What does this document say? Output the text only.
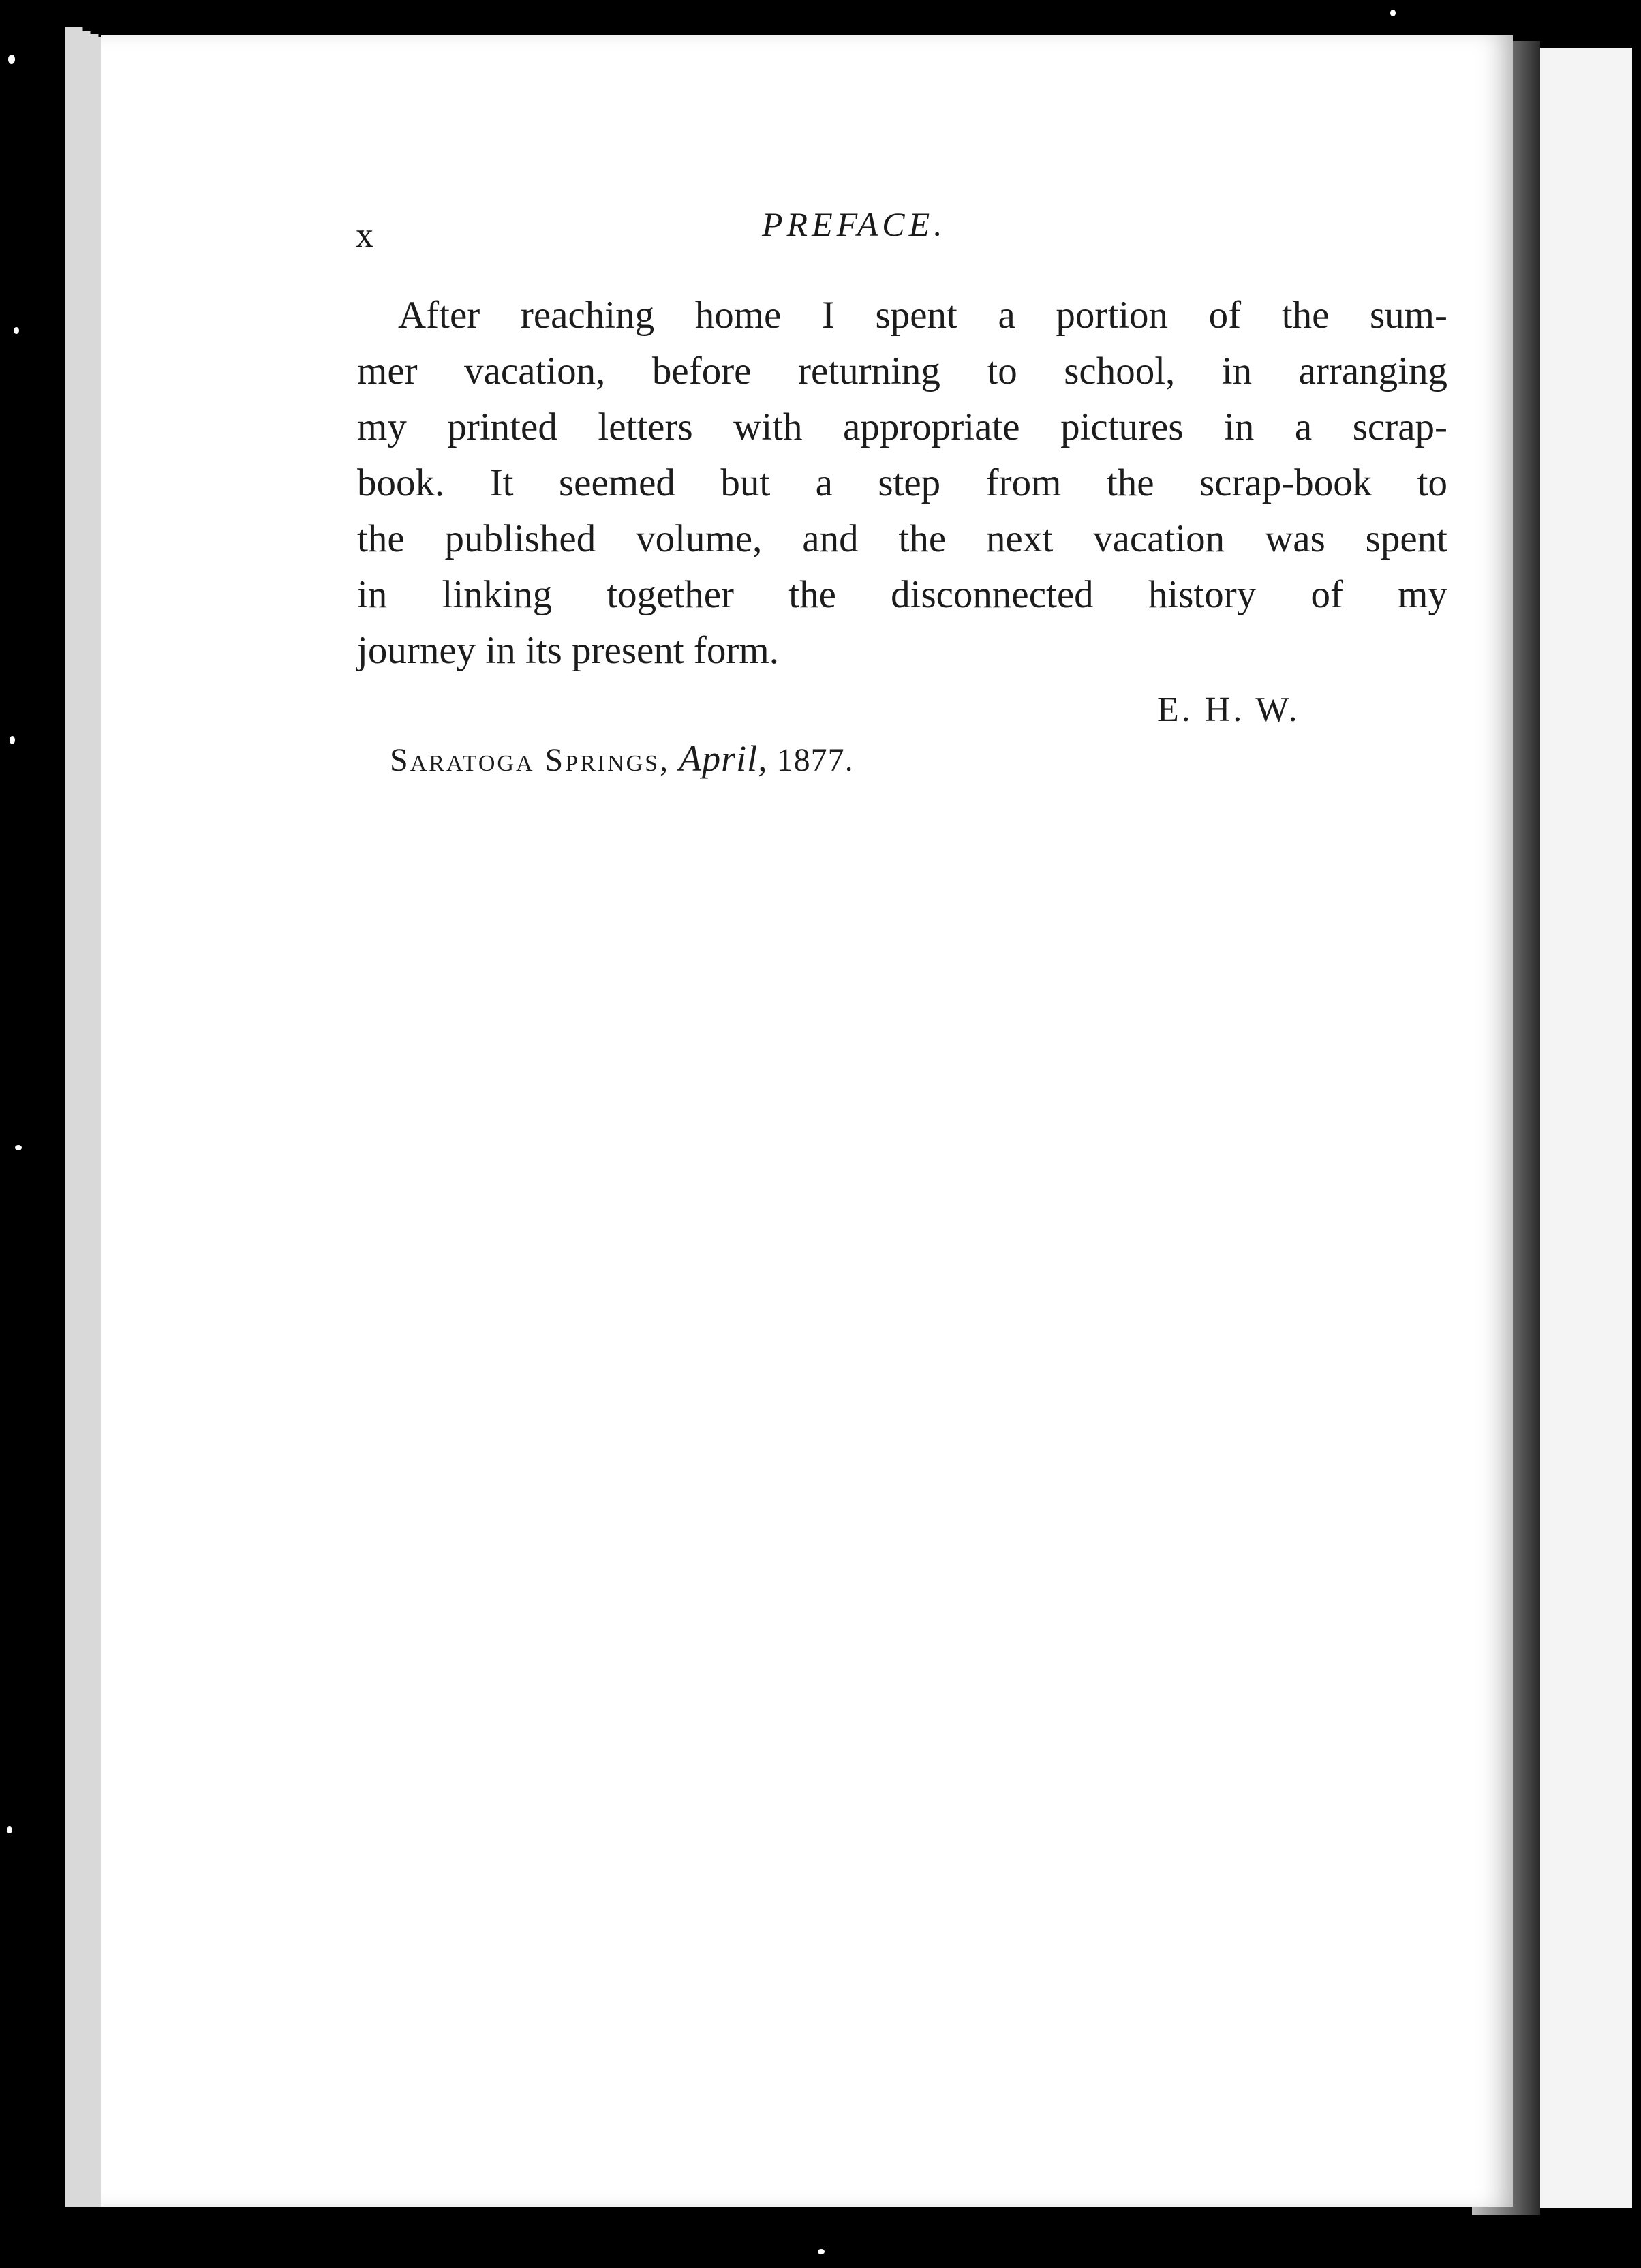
x	PREFACE.
After reaching home I spent a portion of the sum-
mer vacation, before returning to school, in arranging
my printed letters with appropriate pictures in a scrap-
book. It seemed but a step from the scrap-book to
the published volume, and the next vacation was spent
in linking together the disconnected history of my
journey in its present form.
E. H. W.
Saratoga Springs, April, 1877.
